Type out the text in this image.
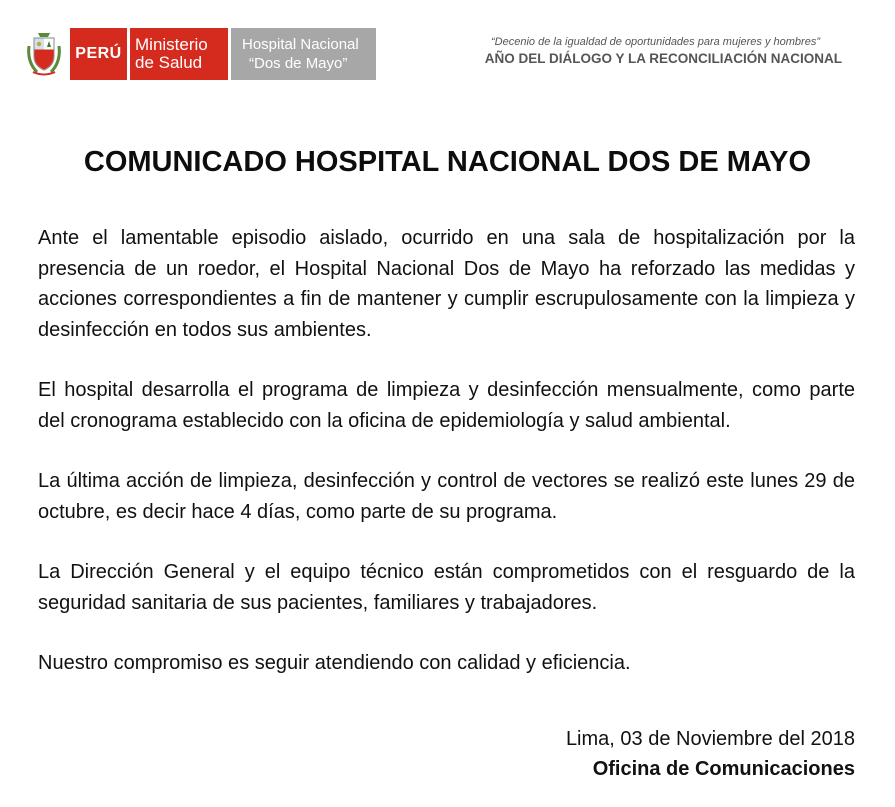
PERÚ Ministerio
de Salud
Hospital Nacional
“Dos de Mayo”
“Decenio de la igualdad de oportunidades para mujeres y hombres”
AÑO DEL DIÁLOGO Y LA RECONCILIACIÓN NACIONAL
COMUNICADO HOSPITAL NACIONAL DOS DE MAYO

Ante el lamentable episodio aislado, ocurrido en una sala de hospitalización por la presencia de un roedor, el Hospital Nacional Dos de Mayo ha reforzado las medidas y acciones correspondientes a fin de mantener y cumplir escrupulosamente con la limpieza y desinfección en todos sus ambientes.

El hospital desarrolla el programa de limpieza y desinfección mensualmente, como parte del cronograma establecido con la oficina de epidemiología y salud ambiental.

La última acción de limpieza, desinfección y control de vectores se realizó este lunes 29 de octubre, es decir hace 4 días, como parte de su programa.

La Dirección General y el equipo técnico están comprometidos con el resguardo de la seguridad sanitaria de sus pacientes, familiares y trabajadores.

Nuestro compromiso es seguir atendiendo con calidad y eficiencia.

Lima, 03 de Noviembre del 2018
Oficina de Comunicaciones
